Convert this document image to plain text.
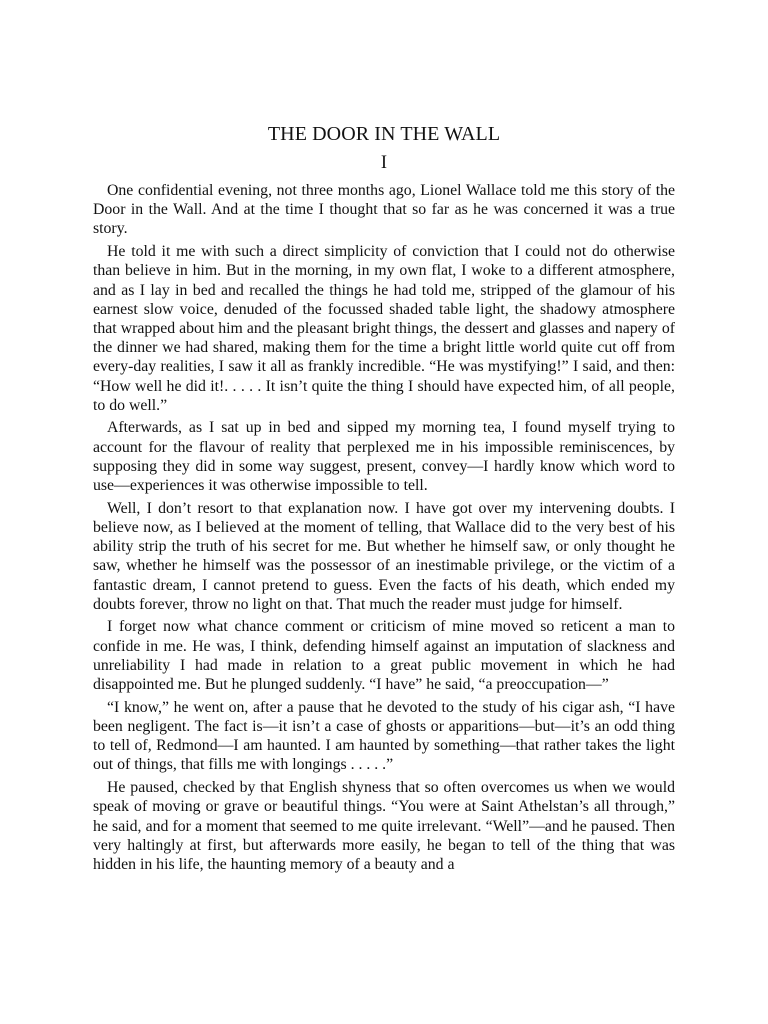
THE DOOR IN THE WALL
I

One confidential evening, not three months ago, Lionel Wallace told me this story of the Door in the Wall. And at the time I thought that so far as he was concerned it was a true story.

He told it me with such a direct simplicity of conviction that I could not do otherwise than believe in him. But in the morning, in my own flat, I woke to a different atmosphere, and as I lay in bed and recalled the things he had told me, stripped of the glamour of his earnest slow voice, denuded of the focussed shaded table light, the shadowy atmosphere that wrapped about him and the pleasant bright things, the dessert and glasses and napery of the dinner we had shared, making them for the time a bright little world quite cut off from every-day realities, I saw it all as frankly incredible. “He was mystifying!” I said, and then: “How well he did it!. . . . . It isn’t quite the thing I should have expected him, of all people, to do well.”

Afterwards, as I sat up in bed and sipped my morning tea, I found myself trying to account for the flavour of reality that perplexed me in his impossible reminiscences, by supposing they did in some way suggest, present, convey—I hardly know which word to use—experiences it was otherwise impossible to tell.

Well, I don’t resort to that explanation now. I have got over my intervening doubts. I believe now, as I believed at the moment of telling, that Wallace did to the very best of his ability strip the truth of his secret for me. But whether he himself saw, or only thought he saw, whether he himself was the possessor of an inestimable privilege, or the victim of a fantastic dream, I cannot pretend to guess. Even the facts of his death, which ended my doubts forever, throw no light on that. That much the reader must judge for himself.

I forget now what chance comment or criticism of mine moved so reticent a man to confide in me. He was, I think, defending himself against an imputation of slackness and unreliability I had made in relation to a great public movement in which he had disappointed me. But he plunged suddenly. “I have” he said, “a preoccupation—”

“I know,” he went on, after a pause that he devoted to the study of his cigar ash, “I have been negligent. The fact is—it isn’t a case of ghosts or apparitions—but—it’s an odd thing to tell of, Redmond—I am haunted. I am haunted by something—that rather takes the light out of things, that fills me with longings . . . . .”

He paused, checked by that English shyness that so often overcomes us when we would speak of moving or grave or beautiful things. “You were at Saint Athelstan’s all through,” he said, and for a moment that seemed to me quite irrelevant. “Well”—and he paused. Then very haltingly at first, but afterwards more easily, he began to tell of the thing that was hidden in his life, the haunting memory of a beauty and a
